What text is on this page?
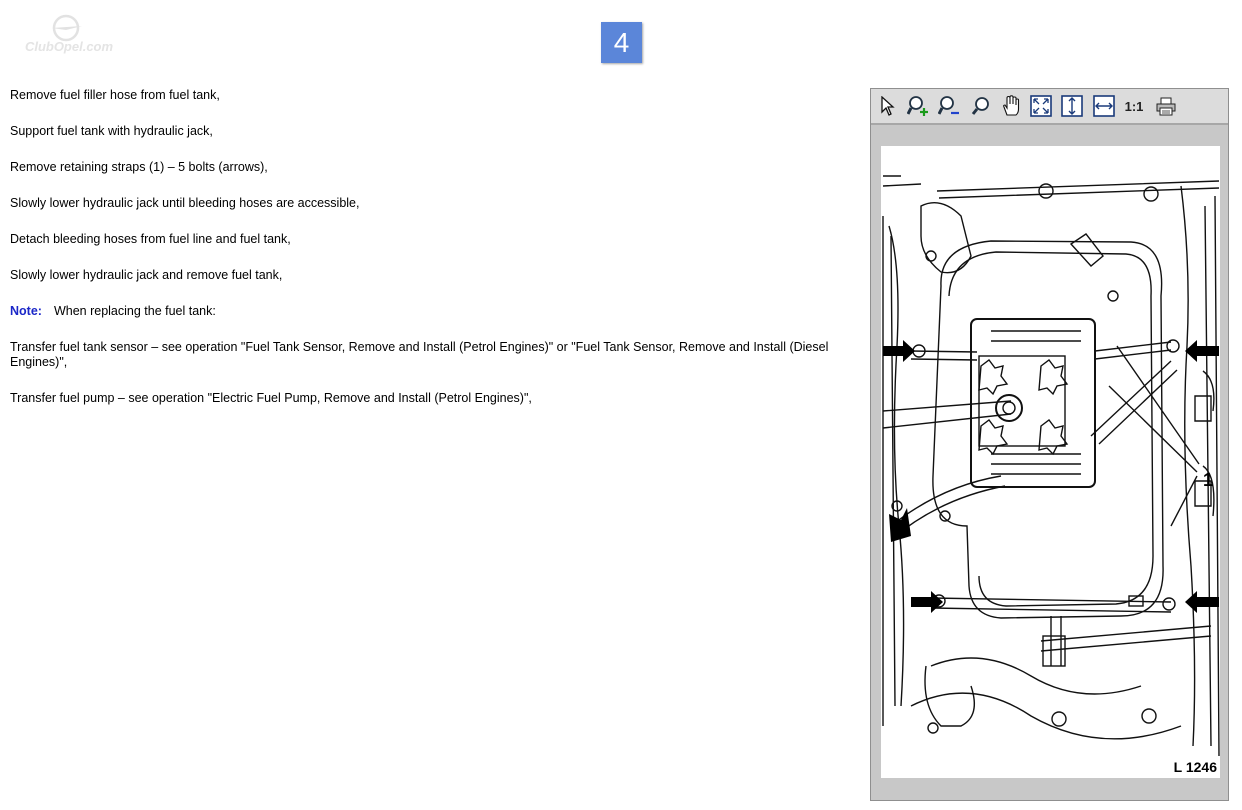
ClubOpel.com	4

Remove fuel filler hose from fuel tank,

Support fuel tank with hydraulic jack,

Remove retaining straps (1) – 5 bolts (arrows),

Slowly lower hydraulic jack until bleeding hoses are accessible,

Detach bleeding hoses from fuel line and fuel tank,

Slowly lower hydraulic jack and remove fuel tank,

Note: When replacing the fuel tank:

Transfer fuel tank sensor – see operation "Fuel Tank Sensor, Remove and Install (Petrol Engines)" or "Fuel Tank Sensor, Remove and Install (Diesel Engines)",

Transfer fuel pump – see operation "Electric Fuel Pump, Remove and Install (Petrol Engines)",

1:1
1
L 1246
